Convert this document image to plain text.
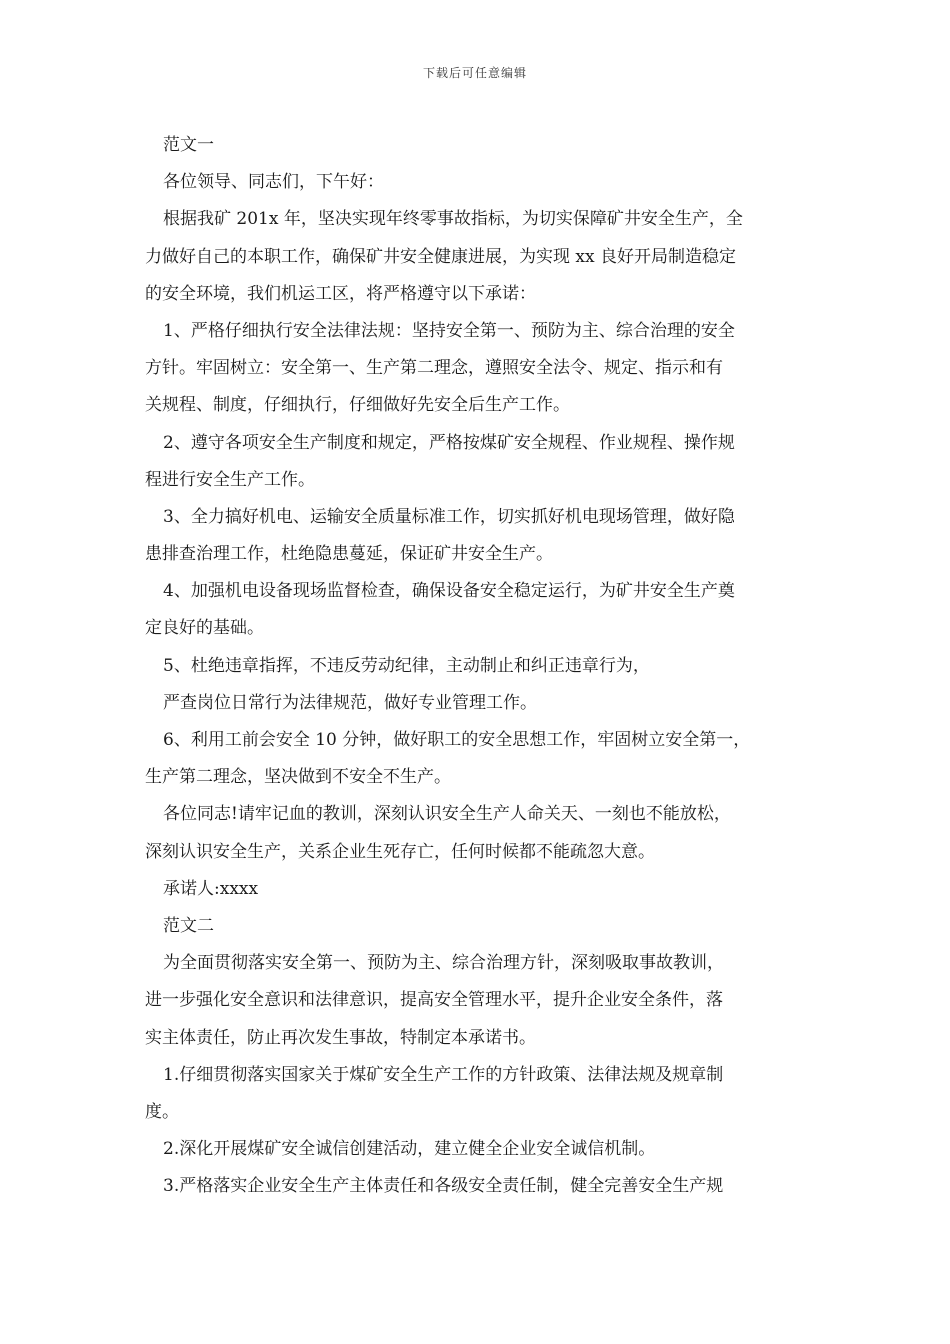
下载后可任意编辑
范文一
各位领导、同志们，下午好：
根据我矿 201x 年，坚决实现年终零事故指标，为切实保障矿井安全生产，全
力做好自己的本职工作，确保矿井安全健康进展，为实现 xx 良好开局制造稳定
的安全环境，我们机运工区，将严格遵守以下承诺：
1、严格仔细执行安全法律法规：坚持安全第一、预防为主、综合治理的安全
方针。牢固树立：安全第一、生产第二理念，遵照安全法令、规定、指示和有
关规程、制度，仔细执行，仔细做好先安全后生产工作。
2、遵守各项安全生产制度和规定，严格按煤矿安全规程、作业规程、操作规
程进行安全生产工作。
3、全力搞好机电、运输安全质量标准工作，切实抓好机电现场管理，做好隐
患排查治理工作，杜绝隐患蔓延，保证矿井安全生产。
4、加强机电设备现场监督检查，确保设备安全稳定运行，为矿井安全生产奠
定良好的基础。
5、杜绝违章指挥，不违反劳动纪律，主动制止和纠正违章行为，
严查岗位日常行为法律规范，做好专业管理工作。
6、利用工前会安全 10 分钟，做好职工的安全思想工作，牢固树立安全第一，
生产第二理念，坚决做到不安全不生产。
各位同志!请牢记血的教训，深刻认识安全生产人命关天、一刻也不能放松，
深刻认识安全生产，关系企业生死存亡，任何时候都不能疏忽大意。
承诺人:xxxx
范文二
为全面贯彻落实安全第一、预防为主、综合治理方针，深刻吸取事故教训，
进一步强化安全意识和法律意识，提高安全管理水平，提升企业安全条件，落
实主体责任，防止再次发生事故，特制定本承诺书。
1.仔细贯彻落实国家关于煤矿安全生产工作的方针政策、法律法规及规章制
度。
2.深化开展煤矿安全诚信创建活动，建立健全企业安全诚信机制。
3.严格落实企业安全生产主体责任和各级安全责任制，健全完善安全生产规
